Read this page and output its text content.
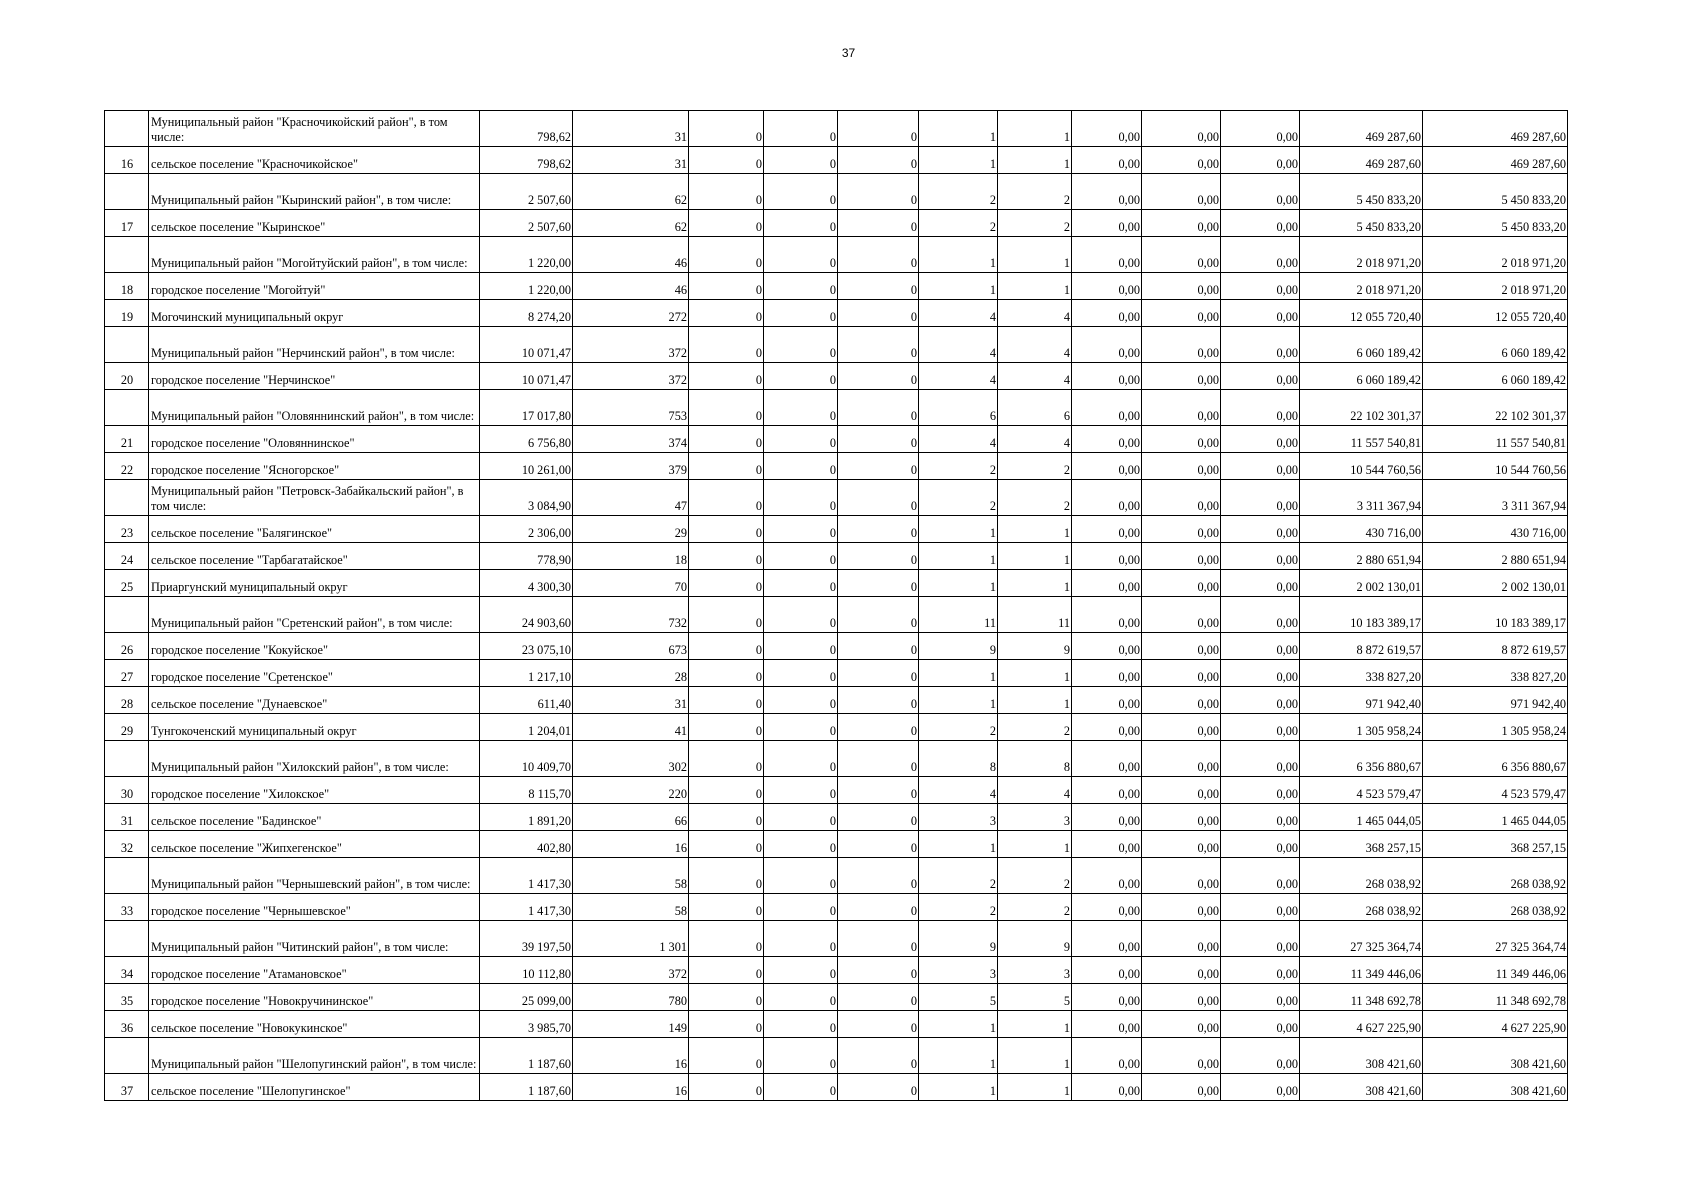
37
	Муниципальный район "Красночикойский район", в том числе:	798,62	31	0	0	0	1	1	0,00	0,00	0,00	469 287,60	469 287,60
16	сельское поселение "Красночикойское"	798,62	31	0	0	0	1	1	0,00	0,00	0,00	469 287,60	469 287,60
	Муниципальный район "Кыринский район", в том числе:	2 507,60	62	0	0	0	2	2	0,00	0,00	0,00	5 450 833,20	5 450 833,20
17	сельское поселение "Кыринское"	2 507,60	62	0	0	0	2	2	0,00	0,00	0,00	5 450 833,20	5 450 833,20
	Муниципальный район "Могойтуйский район", в том числе:	1 220,00	46	0	0	0	1	1	0,00	0,00	0,00	2 018 971,20	2 018 971,20
18	городское поселение "Могойтуй"	1 220,00	46	0	0	0	1	1	0,00	0,00	0,00	2 018 971,20	2 018 971,20
19	Могочинский муниципальный округ	8 274,20	272	0	0	0	4	4	0,00	0,00	0,00	12 055 720,40	12 055 720,40
	Муниципальный район "Нерчинский район", в том числе:	10 071,47	372	0	0	0	4	4	0,00	0,00	0,00	6 060 189,42	6 060 189,42
20	городское поселение "Нерчинское"	10 071,47	372	0	0	0	4	4	0,00	0,00	0,00	6 060 189,42	6 060 189,42
	Муниципальный район "Оловяннинский район", в том числе:	17 017,80	753	0	0	0	6	6	0,00	0,00	0,00	22 102 301,37	22 102 301,37
21	городское поселение "Оловяннинское"	6 756,80	374	0	0	0	4	4	0,00	0,00	0,00	11 557 540,81	11 557 540,81
22	городское поселение "Ясногорское"	10 261,00	379	0	0	0	2	2	0,00	0,00	0,00	10 544 760,56	10 544 760,56
	Муниципальный район "Петровск-Забайкальский район", в том числе:	3 084,90	47	0	0	0	2	2	0,00	0,00	0,00	3 311 367,94	3 311 367,94
23	сельское поселение "Балягинское"	2 306,00	29	0	0	0	1	1	0,00	0,00	0,00	430 716,00	430 716,00
24	сельское поселение "Тарбагатайское"	778,90	18	0	0	0	1	1	0,00	0,00	0,00	2 880 651,94	2 880 651,94
25	Приаргунский муниципальный округ	4 300,30	70	0	0	0	1	1	0,00	0,00	0,00	2 002 130,01	2 002 130,01
	Муниципальный район "Сретенский район", в том числе:	24 903,60	732	0	0	0	11	11	0,00	0,00	0,00	10 183 389,17	10 183 389,17
26	городское поселение "Кокуйское"	23 075,10	673	0	0	0	9	9	0,00	0,00	0,00	8 872 619,57	8 872 619,57
27	городское поселение "Сретенское"	1 217,10	28	0	0	0	1	1	0,00	0,00	0,00	338 827,20	338 827,20
28	сельское поселение "Дунаевское"	611,40	31	0	0	0	1	1	0,00	0,00	0,00	971 942,40	971 942,40
29	Тунгокоченский муниципальный округ	1 204,01	41	0	0	0	2	2	0,00	0,00	0,00	1 305 958,24	1 305 958,24
	Муниципальный район "Хилокский район", в том числе:	10 409,70	302	0	0	0	8	8	0,00	0,00	0,00	6 356 880,67	6 356 880,67
30	городское поселение "Хилокское"	8 115,70	220	0	0	0	4	4	0,00	0,00	0,00	4 523 579,47	4 523 579,47
31	сельское поселение "Бадинское"	1 891,20	66	0	0	0	3	3	0,00	0,00	0,00	1 465 044,05	1 465 044,05
32	сельское поселение "Жипхегенское"	402,80	16	0	0	0	1	1	0,00	0,00	0,00	368 257,15	368 257,15
	Муниципальный район "Чернышевский район", в том числе:	1 417,30	58	0	0	0	2	2	0,00	0,00	0,00	268 038,92	268 038,92
33	городское поселение "Чернышевское"	1 417,30	58	0	0	0	2	2	0,00	0,00	0,00	268 038,92	268 038,92
	Муниципальный район "Читинский район", в том числе:	39 197,50	1 301	0	0	0	9	9	0,00	0,00	0,00	27 325 364,74	27 325 364,74
34	городское поселение "Атамановское"	10 112,80	372	0	0	0	3	3	0,00	0,00	0,00	11 349 446,06	11 349 446,06
35	городское поселение "Новокручининское"	25 099,00	780	0	0	0	5	5	0,00	0,00	0,00	11 348 692,78	11 348 692,78
36	сельское поселение "Новокукинское"	3 985,70	149	0	0	0	1	1	0,00	0,00	0,00	4 627 225,90	4 627 225,90
	Муниципальный район "Шелопугинский район", в том числе:	1 187,60	16	0	0	0	1	1	0,00	0,00	0,00	308 421,60	308 421,60
37	сельское поселение "Шелопугинское"	1 187,60	16	0	0	0	1	1	0,00	0,00	0,00	308 421,60	308 421,60
